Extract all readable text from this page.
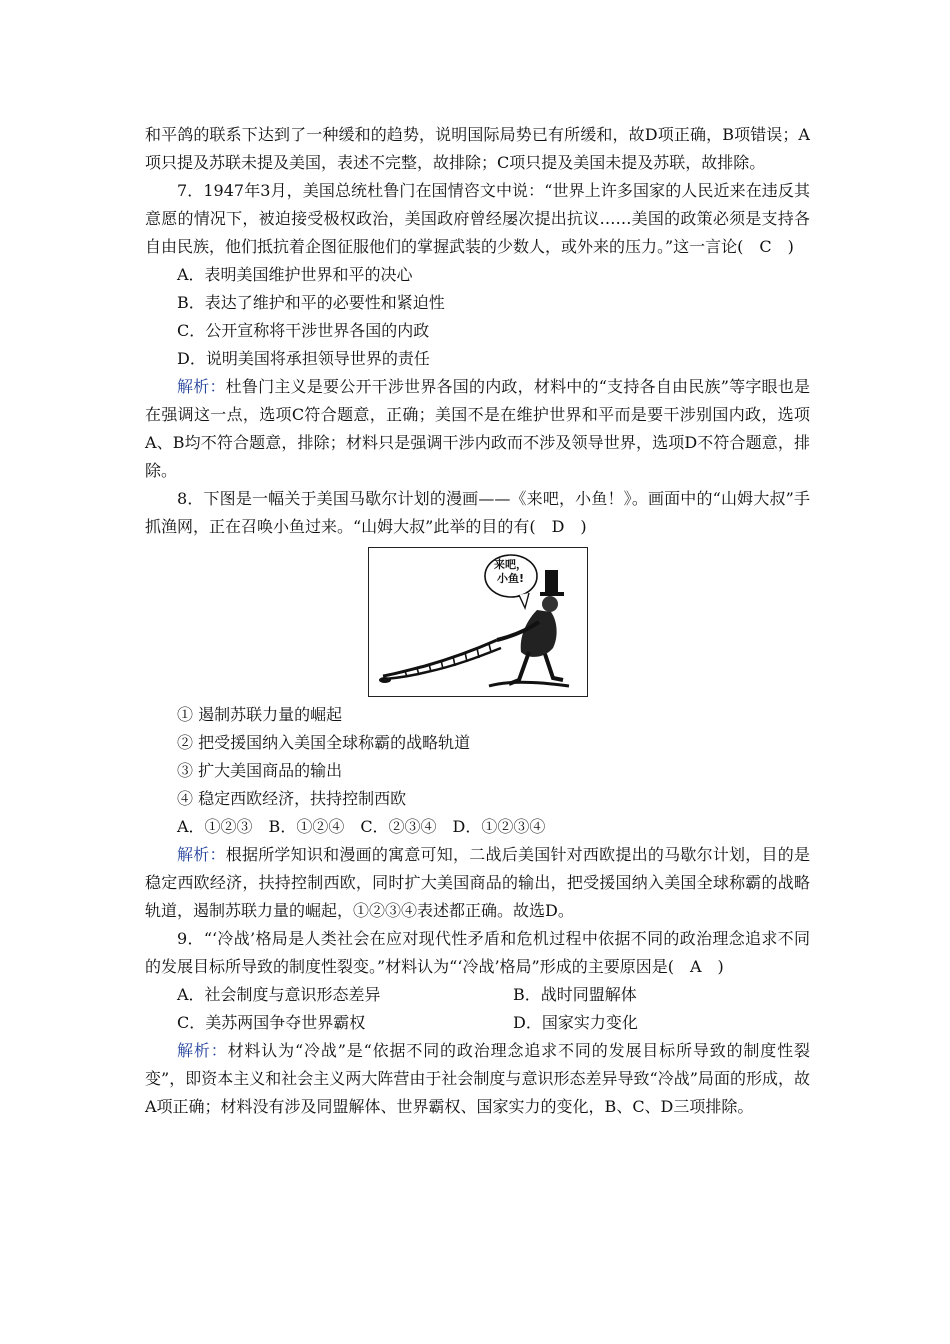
和平鸽的联系下达到了一种缓和的趋势，说明国际局势已有所缓和，故D项正确，B项错误；A项只提及苏联未提及美国，表述不完整，故排除；C项只提及美国未提及苏联，故排除。

7．1947年3月，美国总统杜鲁门在国情咨文中说：“世界上许多国家的人民近来在违反其意愿的情况下，被迫接受极权政治，美国政府曾经屡次提出抗议……美国的政策必须是支持各自由民族，他们抵抗着企图征服他们的掌握武装的少数人，或外来的压力。”这一言论(　C　)

A．表明美国维护世界和平的决心
B．表达了维护和平的必要性和紧迫性
C．公开宣称将干涉世界各国的内政
D．说明美国将承担领导世界的责任

解析：杜鲁门主义是要公开干涉世界各国的内政，材料中的“支持各自由民族”等字眼也是在强调这一点，选项C符合题意，正确；美国不是在维护世界和平而是要干涉别国内政，选项A、B均不符合题意，排除；材料只是强调干涉内政而不涉及领导世界，选项D不符合题意，排除。

8．下图是一幅关于美国马歇尔计划的漫画——《来吧，小鱼！》。画面中的“山姆大叔”手抓渔网，正在召唤小鱼过来。“山姆大叔”此举的目的有(　D　)

来吧，
小鱼!
① 遏制苏联力量的崛起
② 把受援国纳入美国全球称霸的战略轨道
③ 扩大美国商品的输出
④ 稳定西欧经济，扶持控制西欧
A．①②③　B．①②④　C．②③④　D．①②③④

解析：根据所学知识和漫画的寓意可知，二战后美国针对西欧提出的马歇尔计划，目的是稳定西欧经济，扶持控制西欧，同时扩大美国商品的输出，把受援国纳入美国全球称霸的战略轨道，遏制苏联力量的崛起，①②③④表述都正确。故选D。

9．“‘冷战’格局是人类社会在应对现代性矛盾和危机过程中依据不同的政治理念追求不同的发展目标所导致的制度性裂变。”材料认为“‘冷战’格局”形成的主要原因是(　A　)

A．社会制度与意识形态差异	B．战时同盟解体
C．美苏两国争夺世界霸权	D．国家实力变化

解析：材料认为“冷战”是“依据不同的政治理念追求不同的发展目标所导致的制度性裂变”，即资本主义和社会主义两大阵营由于社会制度与意识形态差异导致“冷战”局面的形成，故A项正确；材料没有涉及同盟解体、世界霸权、国家实力的变化，B、C、D三项排除。
